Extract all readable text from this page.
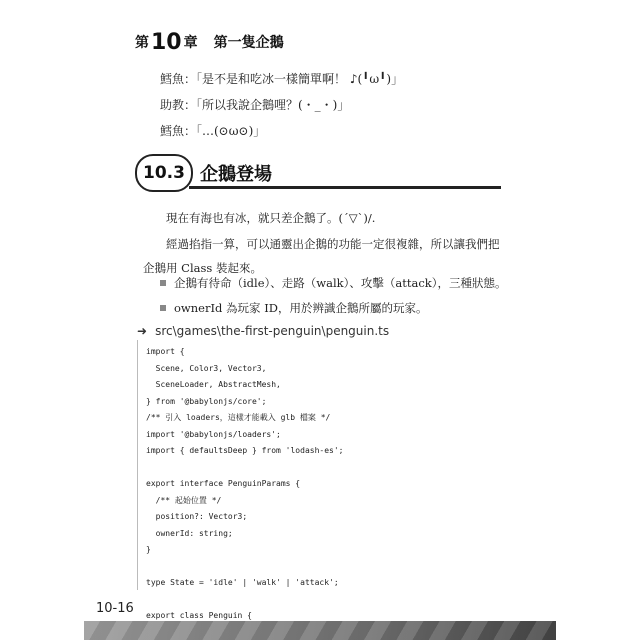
第10 章 第一隻企鵝
鱈魚：「是不是和吃冰一樣簡單啊！ ♪(╹ω╹)」
助教：「所以我說企鵝哩？(・_・)」
鱈魚：「…(⊙ω⊙)」
10.3 企鵝登場
現在有海也有冰，就只差企鵝了。(´▽`)/.
經過掐指一算，可以通靈出企鵝的功能一定很複雜，所以讓我們把企鵝用 Class 裝起來。
企鵝有待命（idle）、走路（walk）、攻擊（attack），三種狀態。
ownerId 為玩家 ID，用於辨識企鵝所屬的玩家。
➜ src\games\the-first-penguin\penguin.ts
import {
Scene, Color3, Vector3,
SceneLoader, AbstractMesh,
} from '@babylonjs/core';
/** 引入 loaders，這樣才能載入 glb 檔案 */
import '@babylonjs/loaders';
import { defaultsDeep } from 'lodash-es';

export interface PenguinParams {
/** 起始位置 */
position?: Vector3;
ownerId: string;
}

type State = 'idle' | 'walk' | 'attack';

export class Penguin {

10-16
